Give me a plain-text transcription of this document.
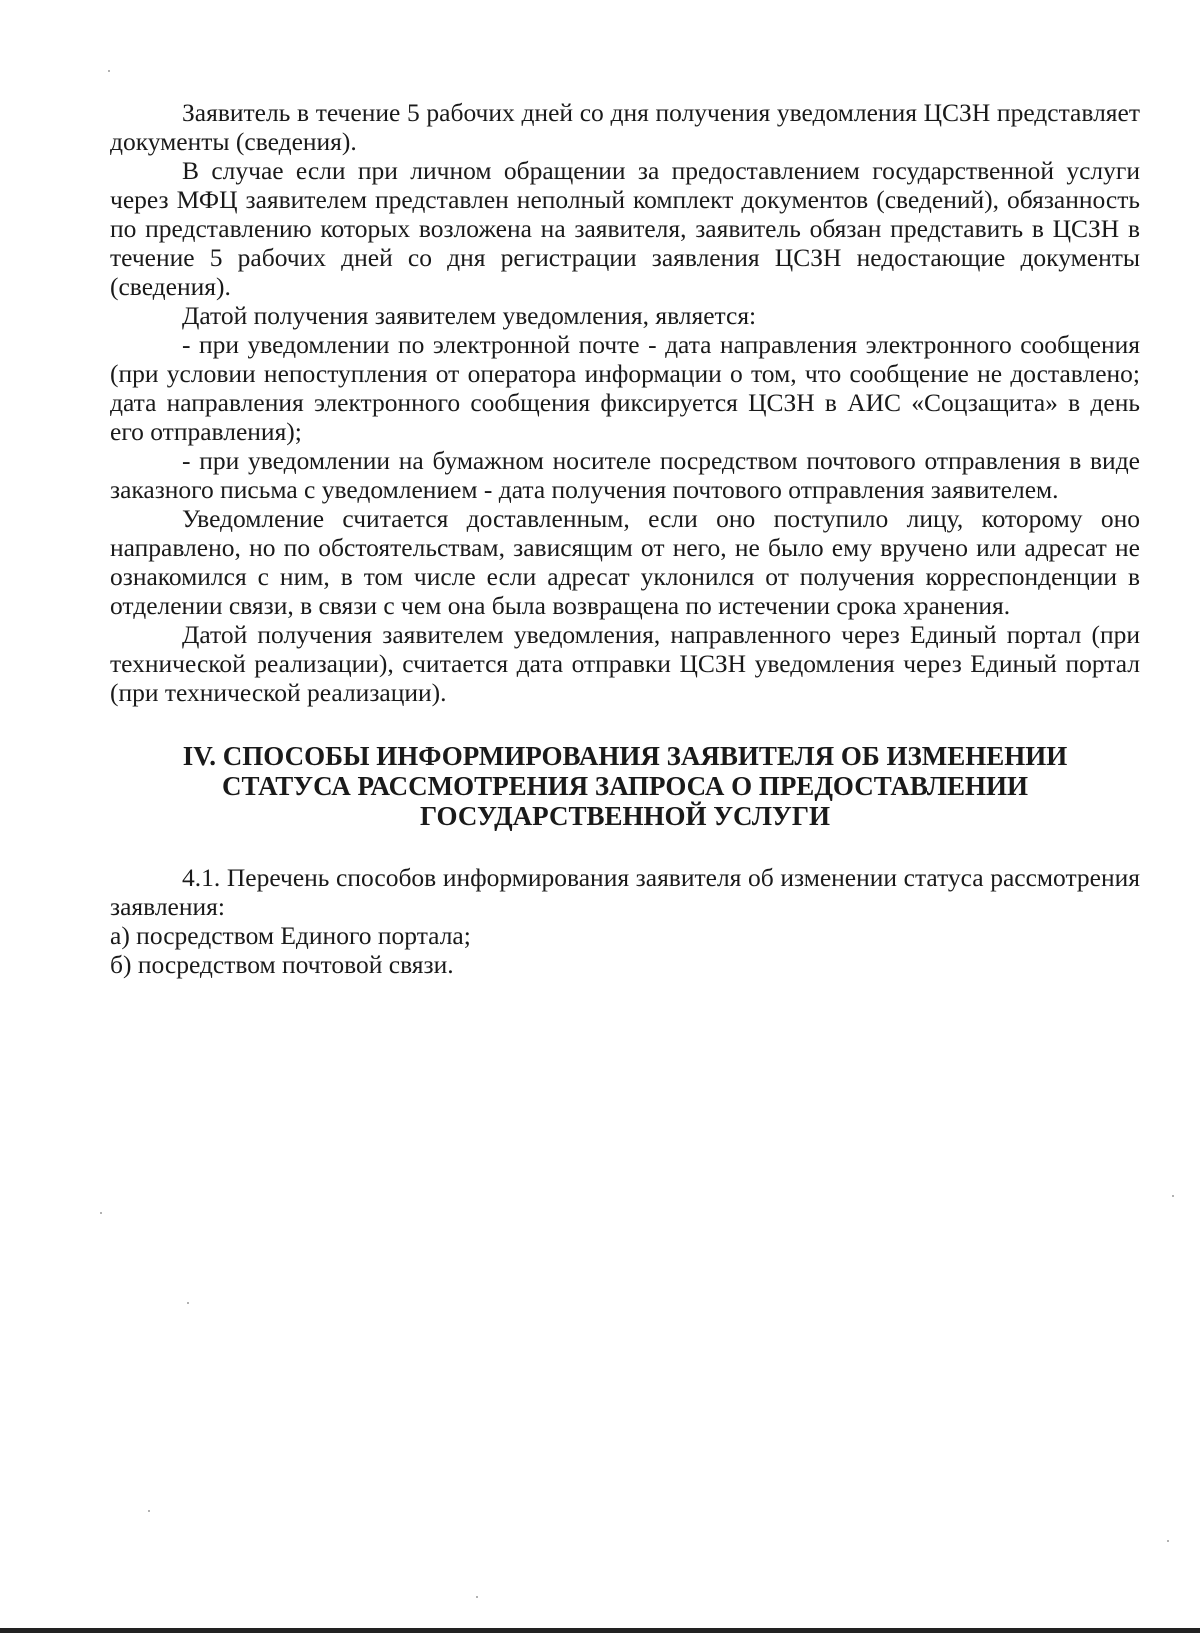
Заявитель в течение 5 рабочих дней со дня получения уведомления ЦСЗН представляет документы (сведения).

В случае если при личном обращении за предоставлением государственной услуги через МФЦ заявителем представлен неполный комплект документов (сведений), обязанность по представлению которых возложена на заявителя, заявитель обязан представить в ЦСЗН в течение 5 рабочих дней со дня регистрации заявления ЦСЗН недостающие документы (сведения).

Датой получения заявителем уведомления, является:

- при уведомлении по электронной почте - дата направления электронного сообщения (при условии непоступления от оператора информации о том, что сообщение не доставлено; дата направления электронного сообщения фиксируется ЦСЗН в АИС «Соцзащита» в день его отправления);

- при уведомлении на бумажном носителе посредством почтового отправления в виде заказного письма с уведомлением - дата получения почтового отправления заявителем.

Уведомление считается доставленным, если оно поступило лицу, которому оно направлено, но по обстоятельствам, зависящим от него, не было ему вручено или адресат не ознакомился с ним, в том числе если адресат уклонился от получения корреспонденции в отделении связи, в связи с чем она была возвращена по истечении срока хранения.

Датой получения заявителем уведомления, направленного через Единый портал (при технической реализации), считается дата отправки ЦСЗН уведомления через Единый портал (при технической реализации).

IV. СПОСОБЫ ИНФОРМИРОВАНИЯ ЗАЯВИТЕЛЯ ОБ ИЗМЕНЕНИИ СТАТУСА РАССМОТРЕНИЯ ЗАПРОСА О ПРЕДОСТАВЛЕНИИ ГОСУДАРСТВЕННОЙ УСЛУГИ

4.1. Перечень способов информирования заявителя об изменении статуса рассмотрения заявления:

а) посредством Единого портала;

б) посредством почтовой связи.
